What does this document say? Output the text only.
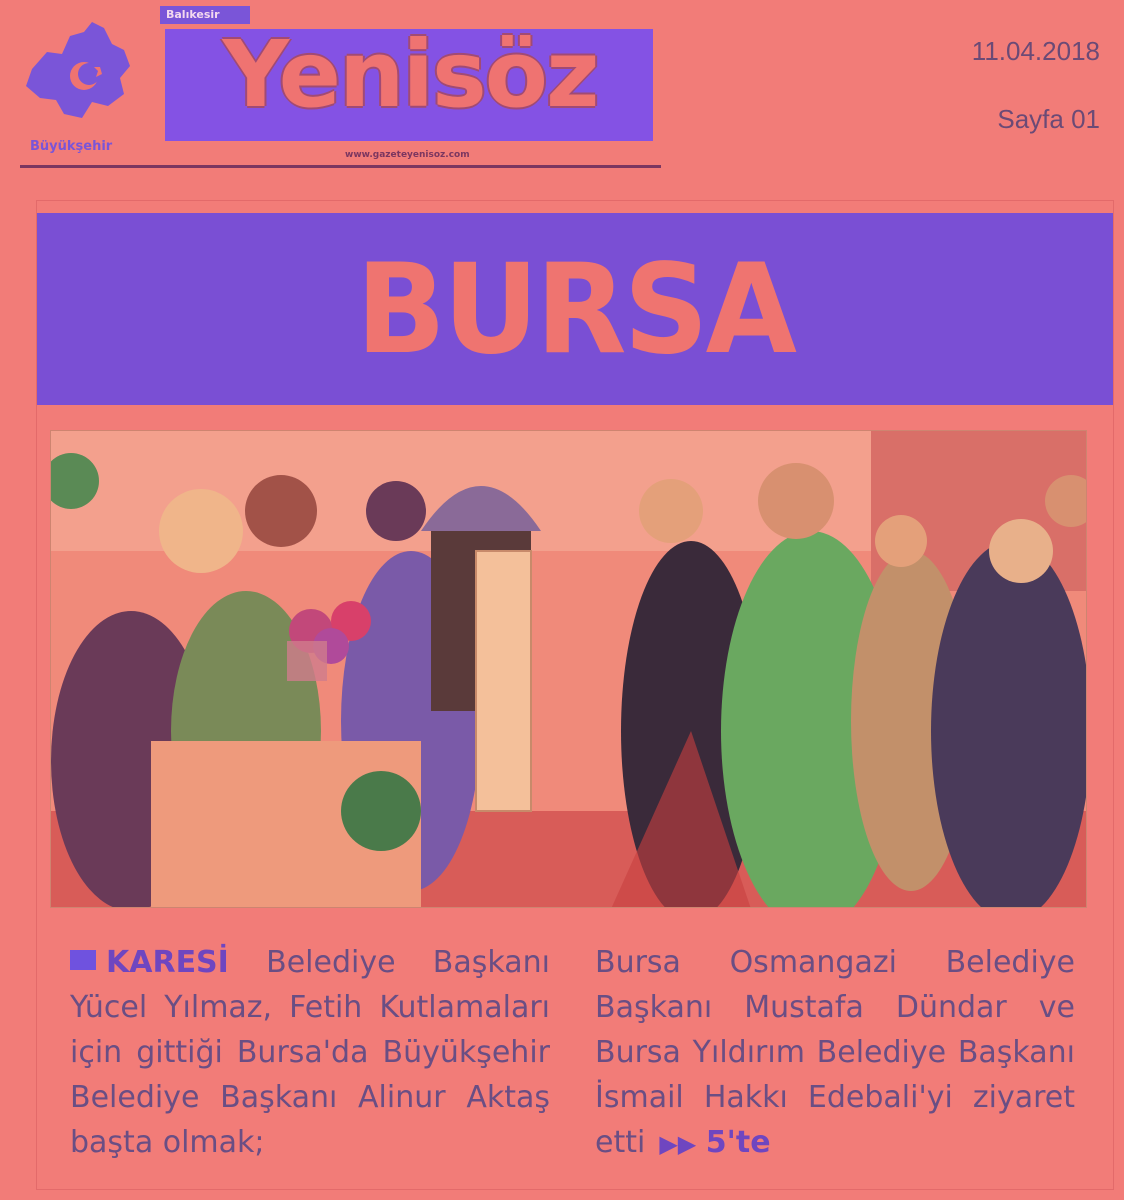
Balıkesir
Yenisöz
Büyükşehir
www.gazeteyenisoz.com
11.04.2018
Sayfa 01
BURSA
KARESİ Belediye Başkanı Yücel Yılmaz, Fetih Kutlamaları için gittiği Bursa'da Büyükşehir Belediye Başkanı Alinur Aktaş başta olmak;
Bursa Osmangazi Belediye Başkanı Mustafa Dündar ve Bursa Yıldırım Belediye Başkanı İsmail Hakkı Edebali'yi ziyaret etti ▶▶ 5'te
